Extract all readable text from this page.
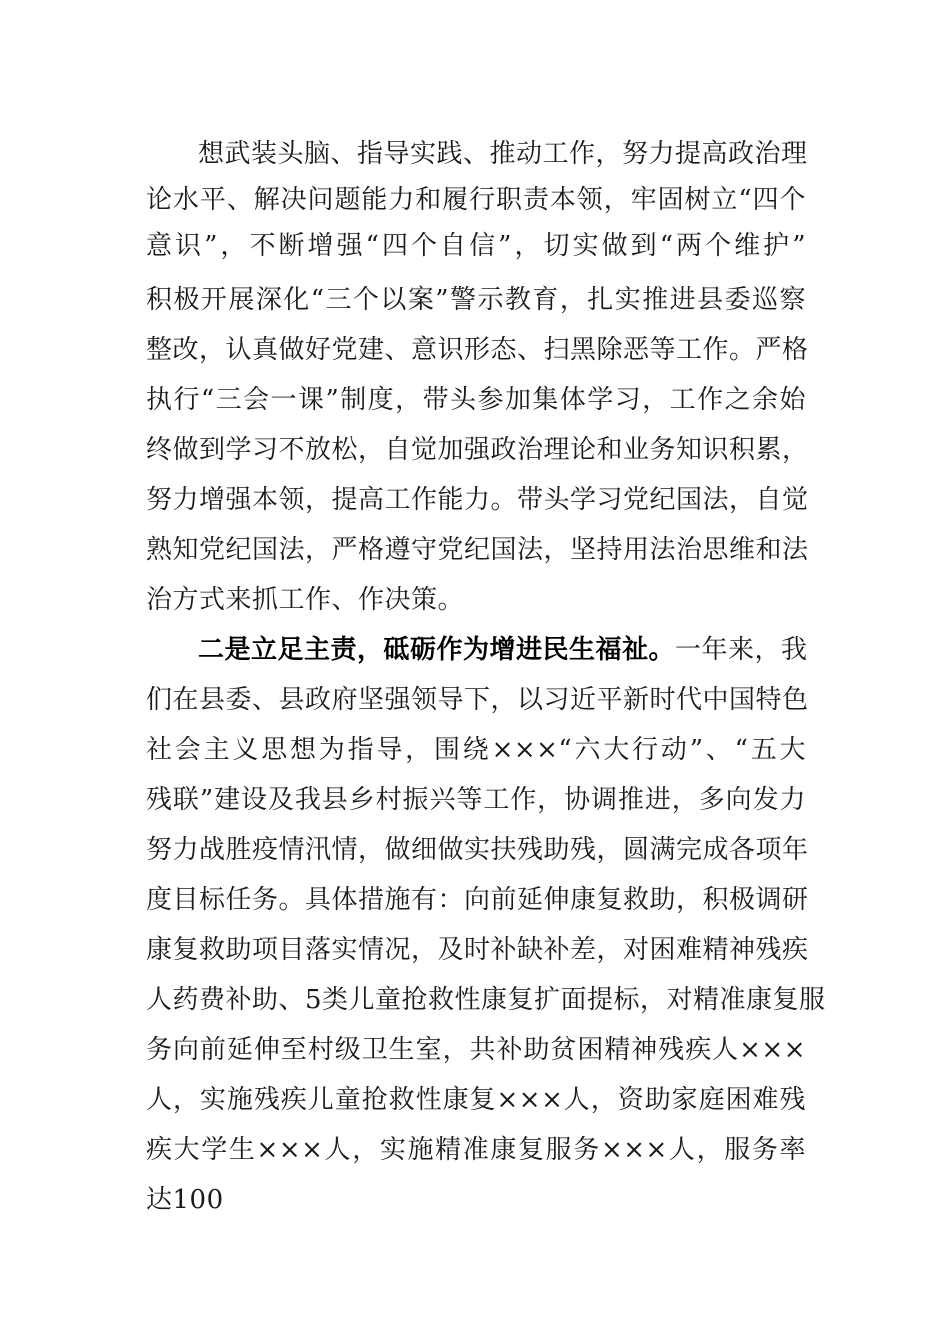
想武装头脑、指导实践、推动工作，努力提高政治理
论水平、解决问题能力和履行职责本领，牢固树立“四个
意识”，不断增强“四个自信”，切实做到“两个维护”
积极开展深化“三个以案”警示教育，扎实推进县委巡察
整改，认真做好党建、意识形态、扫黑除恶等工作。严格
执行“三会一课”制度，带头参加集体学习，工作之余始
终做到学习不放松，自觉加强政治理论和业务知识积累，
努力增强本领，提高工作能力。带头学习党纪国法，自觉
熟知党纪国法，严格遵守党纪国法，坚持用法治思维和法
治方式来抓工作、作决策。
二是立足主责，砥砺作为增进民生福祉。一年来，我
们在县委、县政府坚强领导下，以习近平新时代中国特色
社会主义思想为指导，围绕×××“六大行动”、“五大
残联”建设及我县乡村振兴等工作，协调推进，多向发力
努力战胜疫情汛情，做细做实扶残助残，圆满完成各项年
度目标任务。具体措施有：向前延伸康复救助，积极调研
康复救助项目落实情况，及时补缺补差，对困难精神残疾
人药费补助、5类儿童抢救性康复扩面提标，对精准康复服
务向前延伸至村级卫生室，共补助贫困精神残疾人×××
人，实施残疾儿童抢救性康复×××人，资助家庭困难残
疾大学生×××人，实施精准康复服务×××人，服务率
达100
